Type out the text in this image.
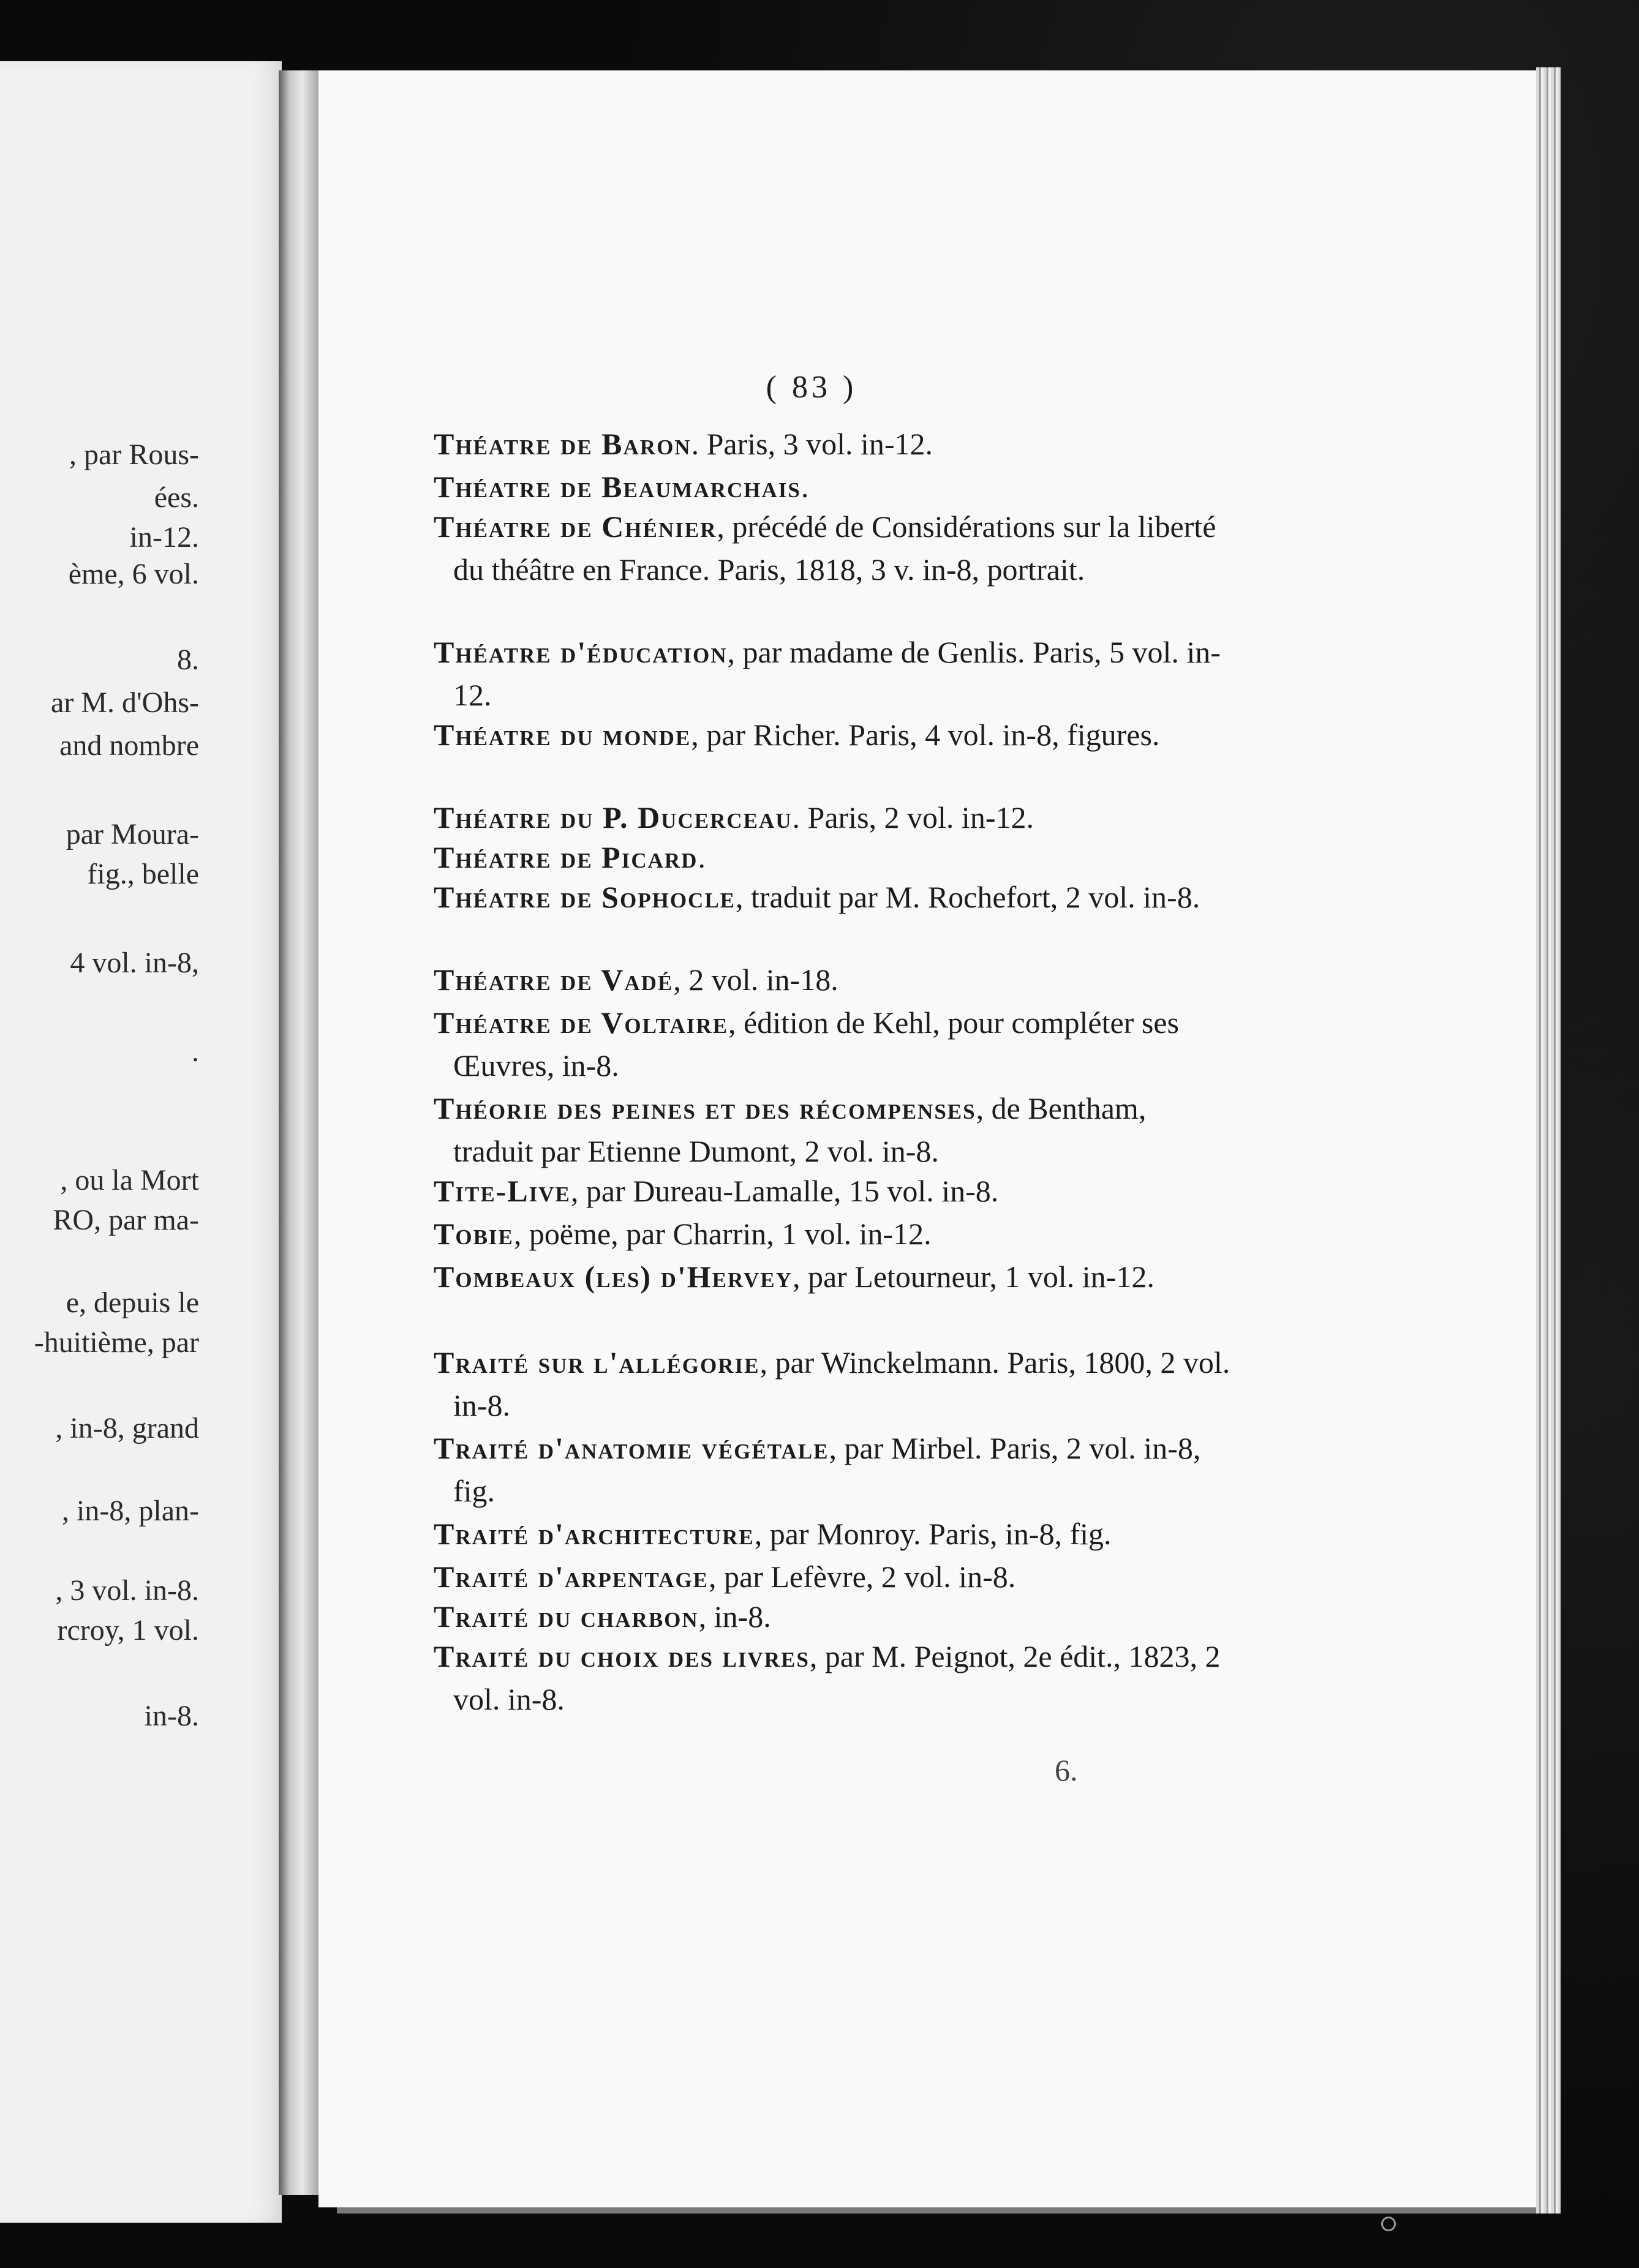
, par Rous-
ées.
in-12.
ème, 6 vol.
8.
ar M. d'Ohs-
and nombre
par Moura-
fig., belle
4 vol. in-8,
.
, ou la Mort
RO, par ma-
e, depuis le
-huitième, par
, in-8, grand
, in-8, plan-
, 3 vol. in-8.
rcroy, 1 vol.
in-8.
( 83 )
Théatre de Baron. Paris, 3 vol. in-12.
Théatre de Beaumarchais.
Théatre de Chénier, précédé de Considérations sur la liberté du théâtre en France. Paris, 1818, 3 v. in-8, portrait.
Théatre d'éducation, par madame de Genlis. Paris, 5 vol. in-12.
Théatre du monde, par Richer. Paris, 4 vol. in-8, figures.
Théatre du P. Ducerceau. Paris, 2 vol. in-12.
Théatre de Picard.
Théatre de Sophocle, traduit par M. Rochefort, 2 vol. in-8.
Théatre de Vadé, 2 vol. in-18.
Théatre de Voltaire, édition de Kehl, pour compléter ses Œuvres, in-8.
Théorie des peines et des récompenses, de Bentham, traduit par Etienne Dumont, 2 vol. in-8.
Tite-Live, par Dureau-Lamalle, 15 vol. in-8.
Tobie, poëme, par Charrin, 1 vol. in-12.
Tombeaux (les) d'Hervey, par Letourneur, 1 vol. in-12.
Traité sur l'allégorie, par Winckelmann. Paris, 1800, 2 vol. in-8.
Traité d'anatomie végétale, par Mirbel. Paris, 2 vol. in-8, fig.
Traité d'architecture, par Monroy. Paris, in-8, fig.
Traité d'arpentage, par Lefèvre, 2 vol. in-8.
Traité du charbon, in-8.
Traité du choix des livres, par M. Peignot, 2e édit., 1823, 2 vol. in-8.
6.
